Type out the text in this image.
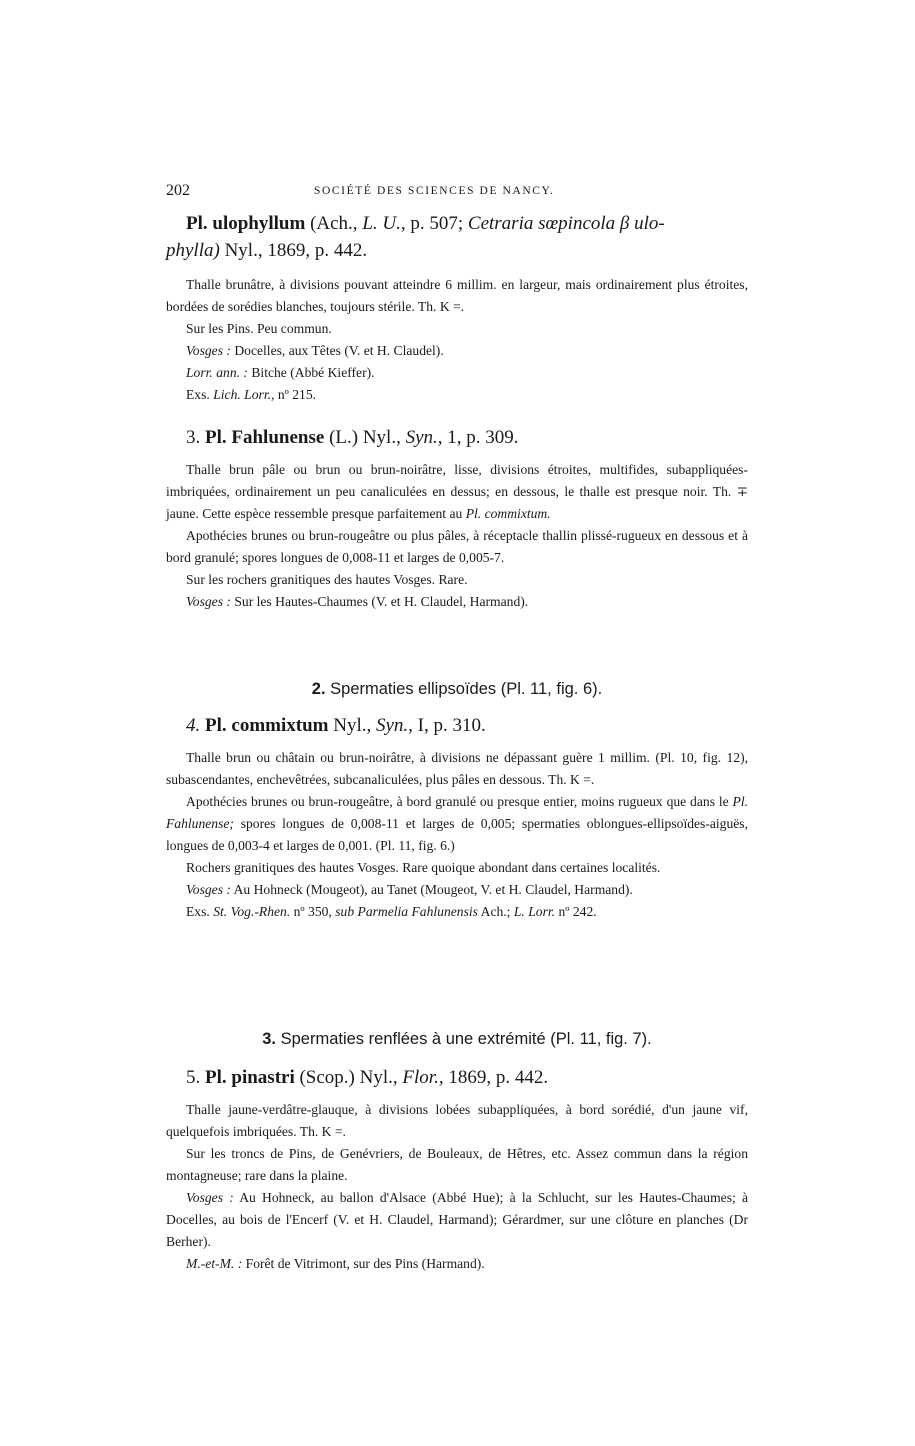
202	SOCIÉTÉ DES SCIENCES DE NANCY.

Pl. ulophyllum (Ach., L. U., p. 507; Cetraria sœpincola β ulo-
phylla) Nyl., 1869, p. 442.

Thalle brunâtre, à divisions pouvant atteindre 6 millim. en largeur, mais ordinairement plus étroites, bordées de sorédies blanches, toujours stérile. Th. K =.

Sur les Pins. Peu commun.

Vosges : Docelles, aux Têtes (V. et H. Claudel).

Lorr. ann. : Bitche (Abbé Kieffer).

Exs. Lich. Lorr., nº 215.

3. Pl. Fahlunense (L.) Nyl., Syn., 1, p. 309.

Thalle brun pâle ou brun ou brun-noirâtre, lisse, divisions étroites, multifides, subappliquées-imbriquées, ordinairement un peu canaliculées en dessus; en dessous, le thalle est presque noir. Th. ∓ jaune. Cette espèce ressemble presque parfaitement au Pl. commixtum.

Apothécies brunes ou brun-rougeâtre ou plus pâles, à réceptacle thallin plissé-rugueux en dessous et à bord granulé; spores longues de 0,008-11 et larges de 0,005-7.

Sur les rochers granitiques des hautes Vosges. Rare.

Vosges : Sur les Hautes-Chaumes (V. et H. Claudel, Harmand).

2. Spermaties ellipsoïdes (Pl. 11, fig. 6).

4. Pl. commixtum Nyl., Syn., I, p. 310.

Thalle brun ou châtain ou brun-noirâtre, à divisions ne dépassant guère 1 millim. (Pl. 10, fig. 12), subascendantes, enchevêtrées, subcanaliculées, plus pâles en dessous. Th. K =.

Apothécies brunes ou brun-rougeâtre, à bord granulé ou presque entier, moins rugueux que dans le Pl. Fahlunense; spores longues de 0,008-11 et larges de 0,005; spermaties oblongues-ellipsoïdes-aiguës, longues de 0,003-4 et larges de 0,001. (Pl. 11, fig. 6.)

Rochers granitiques des hautes Vosges. Rare quoique abondant dans certaines localités.

Vosges : Au Hohneck (Mougeot), au Tanet (Mougeot, V. et H. Claudel, Harmand).

Exs. St. Vog.-Rhen. nº 350, sub Parmelia Fahlunensis Ach.; L. Lorr. nº 242.

3. Spermaties renflées à une extrémité (Pl. 11, fig. 7).

5. Pl. pinastri (Scop.) Nyl., Flor., 1869, p. 442.

Thalle jaune-verdâtre-glauque, à divisions lobées subappliquées, à bord sorédié, d'un jaune vif, quelquefois imbriquées. Th. K =.

Sur les troncs de Pins, de Genévriers, de Bouleaux, de Hêtres, etc. Assez commun dans la région montagneuse; rare dans la plaine.

Vosges : Au Hohneck, au ballon d'Alsace (Abbé Hue); à la Schlucht, sur les Hautes-Chaumes; à Docelles, au bois de l'Encerf (V. et H. Claudel, Harmand); Gérardmer, sur une clôture en planches (Dr Berher).

M.-et-M. : Forêt de Vitrimont, sur des Pins (Harmand).
